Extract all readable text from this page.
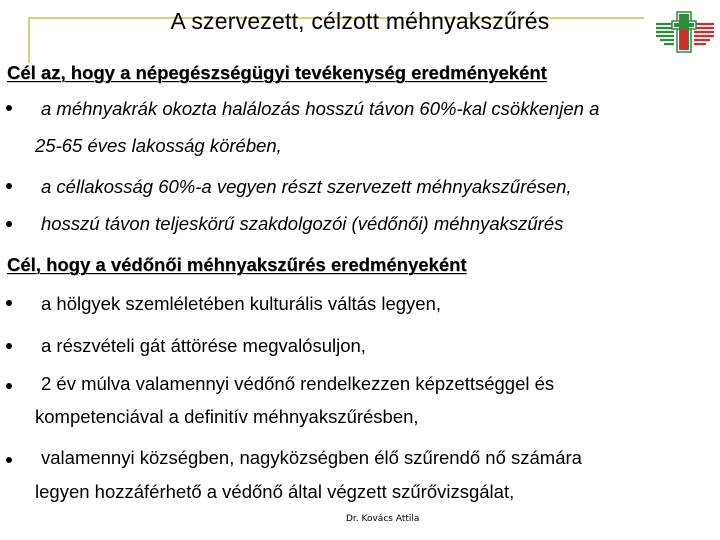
A szervezett, célzott méhnyakszűrés
Cél az, hogy a népegészségügyi tevékenység eredményeként
a méhnyakrák okozta halálozás hosszú távon 60%-kal csökkenjen a
25-65 éves lakosság körében,
a céllakosság 60%-a vegyen részt szervezett méhnyakszűrésen,
hosszú távon teljeskörű szakdolgozói (védőnői) méhnyakszűrés
Cél, hogy a védőnői méhnyakszűrés eredményeként
a hölgyek szemléletében kulturális váltás legyen,
a részvételi gát áttörése megvalósuljon,
2 év múlva valamennyi védőnő rendelkezzen képzettséggel és
kompetenciával a definitív méhnyakszűrésben,
valamennyi községben, nagyközségben élő szűrendő nő számára
legyen hozzáférhető a védőnő által végzett szűrővizsgálat,
Dr. Kovács Attila
